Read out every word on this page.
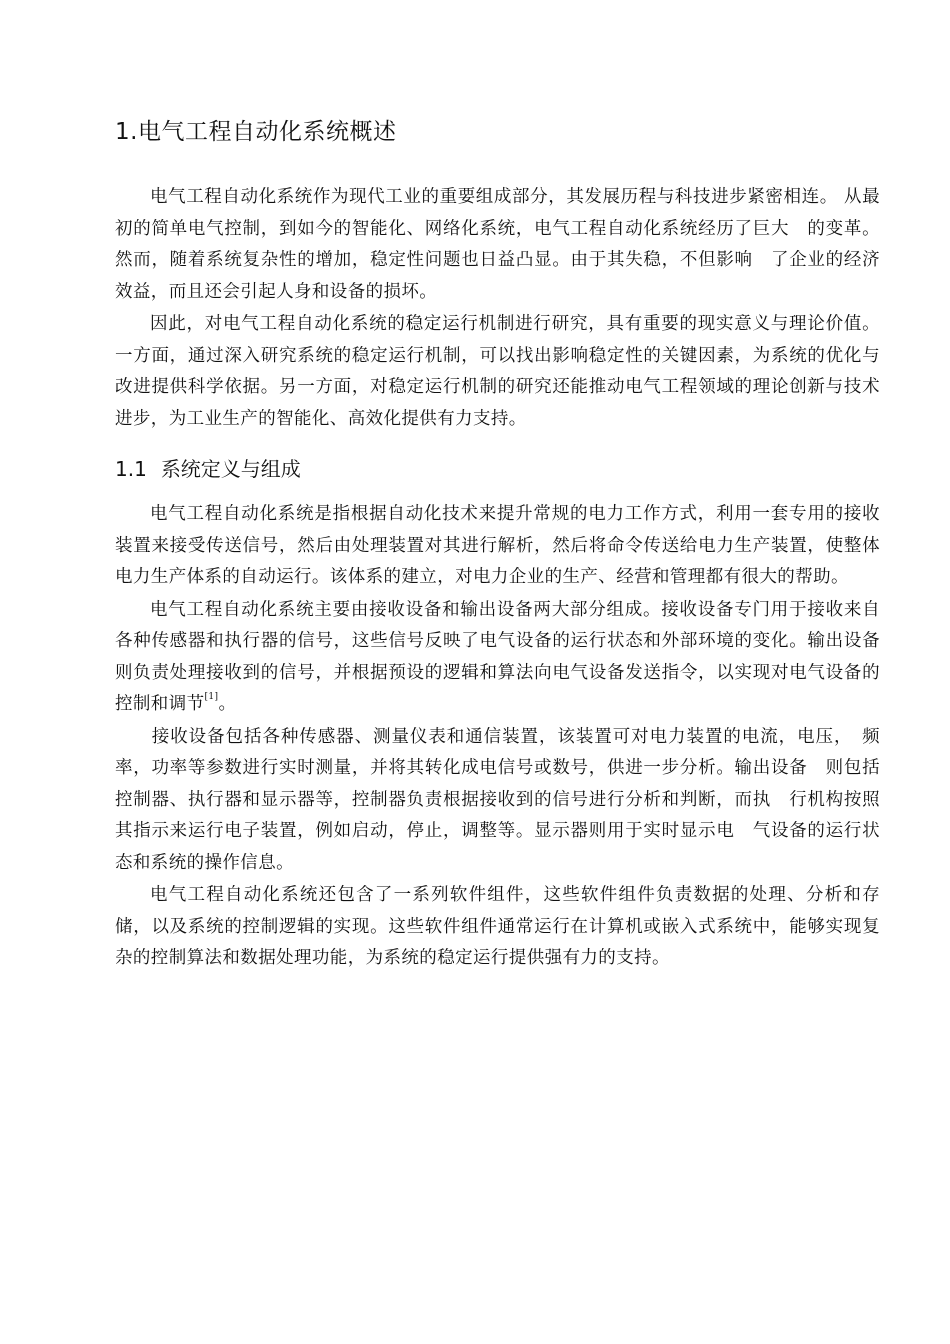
1.电气工程自动化系统概述

电气工程自动化系统作为现代工业的重要组成部分，其发展历程与科技进步紧密相连。 从最初的简单电气控制，到如今的智能化、网络化系统，电气工程自动化系统经历了巨大　的变革。然而，随着系统复杂性的增加，稳定性问题也日益凸显。由于其失稳，不但影响　了企业的经济效益，而且还会引起人身和设备的损坏。

因此，对电气工程自动化系统的稳定运行机制进行研究，具有重要的现实意义与理论价值。一方面，通过深入研究系统的稳定运行机制，可以找出影响稳定性的关键因素，为系统的优化与改进提供科学依据。另一方面，对稳定运行机制的研究还能推动电气工程领域的理论创新与技术进步，为工业生产的智能化、高效化提供有力支持。

1.1 系统定义与组成

电气工程自动化系统是指根据自动化技术来提升常规的电力工作方式，利用一套专用的接收装置来接受传送信号，然后由处理装置对其进行解析，然后将命令传送给电力生产装置，使整体电力生产体系的自动运行。该体系的建立，对电力企业的生产、经营和管理都有很大的帮助。

电气工程自动化系统主要由接收设备和输出设备两大部分组成。接收设备专门用于接收来自各种传感器和执行器的信号，这些信号反映了电气设备的运行状态和外部环境的变化。输出设备则负责处理接收到的信号，并根据预设的逻辑和算法向电气设备发送指令，以实现对电气设备的控制和调节[1]。

接收设备包括各种传感器、测量仪表和通信装置，该装置可对电力装置的电流，电压，　频率，功率等参数进行实时测量，并将其转化成电信号或数号，供进一步分析。输出设备　则包括控制器、执行器和显示器等，控制器负责根据接收到的信号进行分析和判断，而执　行机构按照其指示来运行电子装置，例如启动，停止，调整等。显示器则用于实时显示电　气设备的运行状态和系统的操作信息。

电气工程自动化系统还包含了一系列软件组件，这些软件组件负责数据的处理、分析和存储，以及系统的控制逻辑的实现。这些软件组件通常运行在计算机或嵌入式系统中，能够实现复杂的控制算法和数据处理功能，为系统的稳定运行提供强有力的支持。
